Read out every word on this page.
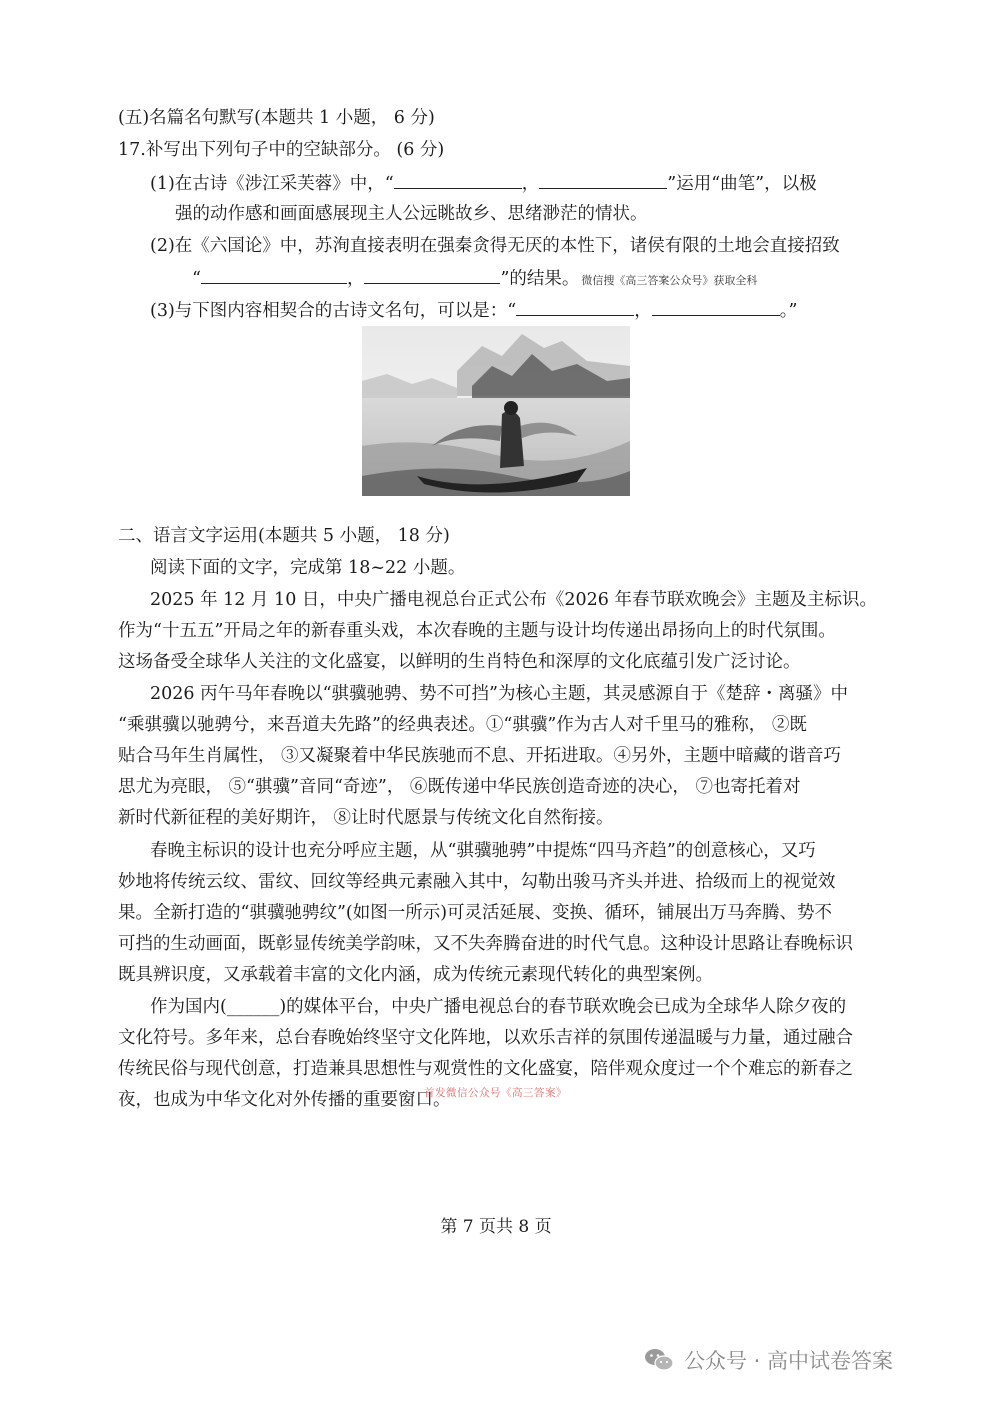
(五)名篇名句默写(本题共 1 小题， 6 分)
17.补写出下列句子中的空缺部分。 (6 分)
(1)在古诗《涉江采芙蓉》中，“	，	”运用“曲笔”，以极
强的动作感和画面感展现主人公远眺故乡、思绪渺茫的情状。
(2)在《六国论》中，苏洵直接表明在强秦贪得无厌的本性下，诸侯有限的土地会直接招致
“	，	”的结果。 微信搜《高三答案公众号》获取全科
(3)与下图内容相契合的古诗文名句，可以是：“	，	。”
二、语言文字运用(本题共 5 小题， 18 分)
阅读下面的文字，完成第 18~22 小题。
2025 年 12 月 10 日，中央广播电视总台正式公布《2026 年春节联欢晚会》主题及主标识。
作为“十五五”开局之年的新春重头戏，本次春晚的主题与设计均传递出昂扬向上的时代氛围。
这场备受全球华人关注的文化盛宴，以鲜明的生肖特色和深厚的文化底蕴引发广泛讨论。
2026 丙午马年春晚以“骐骥驰骋、势不可挡”为核心主题，其灵感源自于《楚辞・离骚》中
“乘骐骥以驰骋兮，来吾道夫先路”的经典表述。①“骐骥”作为古人对千里马的雅称， ②既
贴合马年生肖属性， ③又凝聚着中华民族驰而不息、开拓进取。④另外，主题中暗藏的谐音巧
思尤为亮眼， ⑤“骐骥”音同“奇迹”， ⑥既传递中华民族创造奇迹的决心， ⑦也寄托着对
新时代新征程的美好期许， ⑧让时代愿景与传统文化自然衔接。
春晚主标识的设计也充分呼应主题，从“骐骥驰骋”中提炼“四马齐趋”的创意核心，又巧
妙地将传统云纹、雷纹、回纹等经典元素融入其中，勾勒出骏马齐头并进、拾级而上的视觉效
果。全新打造的“骐骥驰骋纹”(如图一所示)可灵活延展、变换、循环，铺展出万马奔腾、势不
可挡的生动画面，既彰显传统美学韵味，又不失奔腾奋进的时代气息。这种设计思路让春晚标识
既具辨识度，又承载着丰富的文化内涵，成为传统元素现代转化的典型案例。
作为国内(______)的媒体平台，中央广播电视总台的春节联欢晚会已成为全球华人除夕夜的
文化符号。多年来，总台春晚始终坚守文化阵地，以欢乐吉祥的氛围传递温暖与力量，通过融合
传统民俗与现代创意，打造兼具思想性与观赏性的文化盛宴，陪伴观众度过一个个难忘的新春之
夜，也成为中华文化对外传播的重要窗口。
首发微信公众号《高三答案》
第 7 页共 8 页
公众号 · 高中试卷答案
